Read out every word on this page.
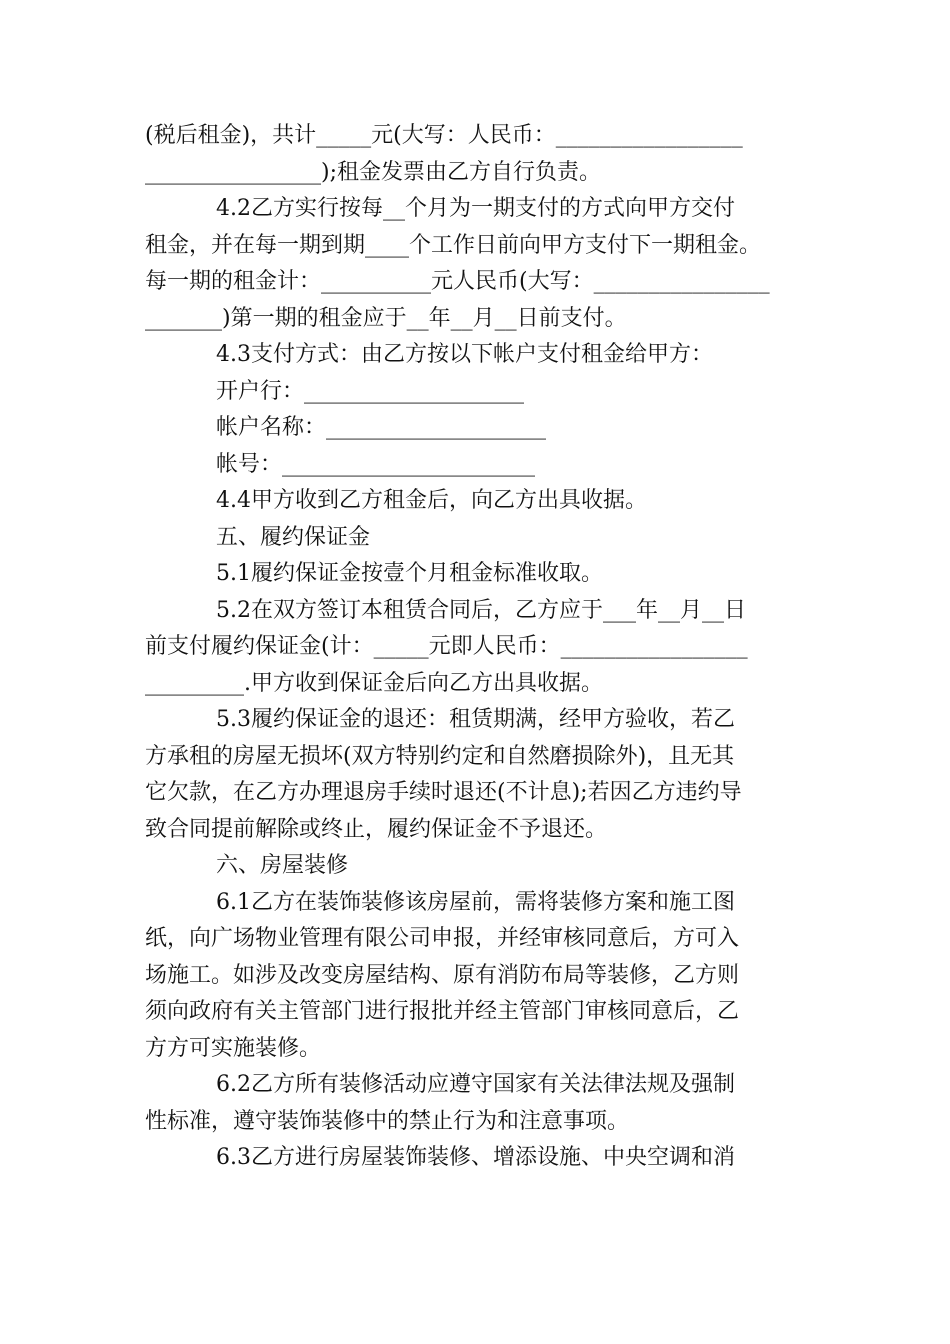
(税后租金)，共计_____元(大写：人民币：_________________
________________);租金发票由乙方自行负责。
4.2乙方实行按每__个月为一期支付的方式向甲方交付
租金，并在每一期到期____个工作日前向甲方支付下一期租金。
每一期的租金计：__________元人民币(大写：________________
_______)第一期的租金应于__年__月__日前支付。
4.3支付方式：由乙方按以下帐户支付租金给甲方：
开户行：____________________
帐户名称：____________________
帐号：_______________________
4.4甲方收到乙方租金后，向乙方出具收据。
五、履约保证金
5.1履约保证金按壹个月租金标准收取。
5.2在双方签订本租赁合同后，乙方应于___年__月__日
前支付履约保证金(计：_____元即人民币：_________________
_________.甲方收到保证金后向乙方出具收据。
5.3履约保证金的退还：租赁期满，经甲方验收，若乙
方承租的房屋无损坏(双方特别约定和自然磨损除外)，且无其
它欠款，在乙方办理退房手续时退还(不计息);若因乙方违约导
致合同提前解除或终止，履约保证金不予退还。
六、房屋装修
6.1乙方在装饰装修该房屋前，需将装修方案和施工图
纸，向广场物业管理有限公司申报，并经审核同意后，方可入
场施工。如涉及改变房屋结构、原有消防布局等装修，乙方则
须向政府有关主管部门进行报批并经主管部门审核同意后，乙
方方可实施装修。
6.2乙方所有装修活动应遵守国家有关法律法规及强制
性标准，遵守装饰装修中的禁止行为和注意事项。
6.3乙方进行房屋装饰装修、增添设施、中央空调和消
